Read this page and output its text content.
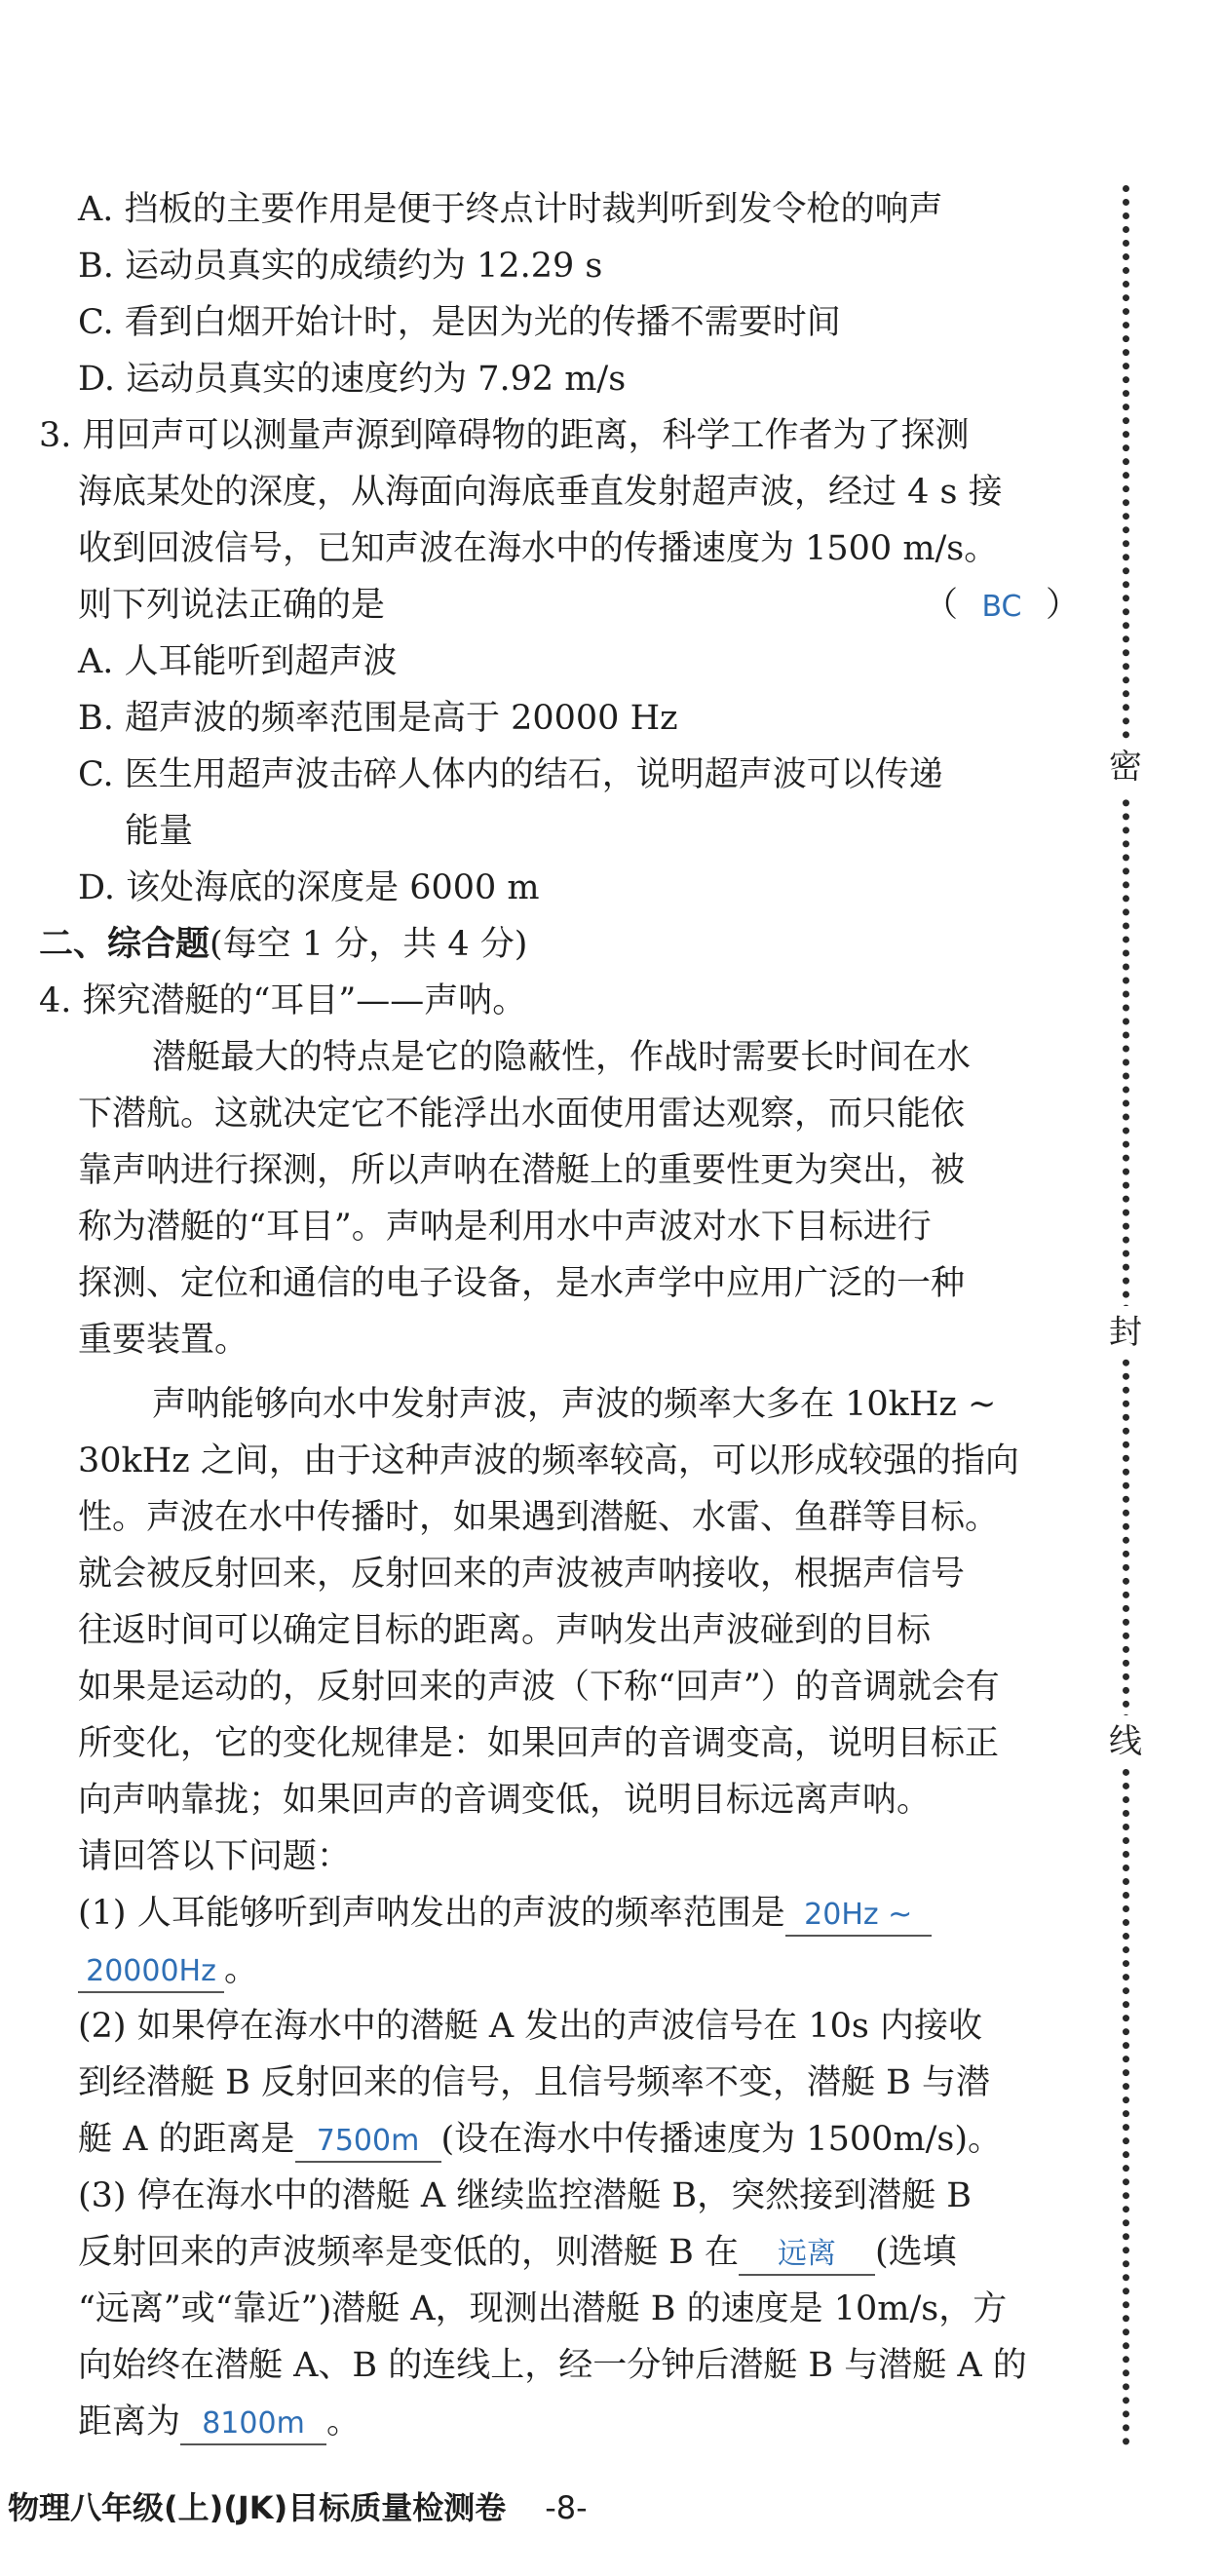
A. 挡板的主要作用是便于终点计时裁判听到发令枪的响声
B. 运动员真实的成绩约为 12.29 s
C. 看到白烟开始计时，是因为光的传播不需要时间
D. 运动员真实的速度约为 7.92 m/s
3. 用回声可以测量声源到障碍物的距离，科学工作者为了探测
海底某处的深度，从海面向海底垂直发射超声波，经过 4 s 接
收到回波信号，已知声波在海水中的传播速度为 1500 m/s。
则下列说法正确的是	（ BC ）
A. 人耳能听到超声波
B. 超声波的频率范围是高于 20000 Hz
C. 医生用超声波击碎人体内的结石，说明超声波可以传递
能量
D. 该处海底的深度是 6000 m
二、综合题(每空 1 分，共 4 分)
4. 探究潜艇的“耳目”——声呐。
潜艇最大的特点是它的隐蔽性，作战时需要长时间在水
下潜航。这就决定它不能浮出水面使用雷达观察，而只能依
靠声呐进行探测，所以声呐在潜艇上的重要性更为突出，被
称为潜艇的“耳目”。声呐是利用水中声波对水下目标进行
探测、定位和通信的电子设备，是水声学中应用广泛的一种
重要装置。
声呐能够向水中发射声波，声波的频率大多在 10kHz ~
30kHz 之间，由于这种声波的频率较高，可以形成较强的指向
性。声波在水中传播时，如果遇到潜艇、水雷、鱼群等目标。
就会被反射回来，反射回来的声波被声呐接收，根据声信号
往返时间可以确定目标的距离。声呐发出声波碰到的目标
如果是运动的，反射回来的声波（下称“回声”）的音调就会有
所变化，它的变化规律是：如果回声的音调变高，说明目标正
向声呐靠拢；如果回声的音调变低，说明目标远离声呐。
请回答以下问题：
(1) 人耳能够听到声呐发出的声波的频率范围是 20Hz ~
20000Hz 。
(2) 如果停在海水中的潜艇 A 发出的声波信号在 10s 内接收
到经潜艇 B 反射回来的信号，且信号频率不变，潜艇 B 与潜
艇 A 的距离是 7500m (设在海水中传播速度为 1500m/s)。
(3) 停在海水中的潜艇 A 继续监控潜艇 B，突然接到潜艇 B
反射回来的声波频率是变低的，则潜艇 B 在 远离 (选填
“远离”或“靠近”)潜艇 A，现测出潜艇 B 的速度是 10m/s，方
向始终在潜艇 A、B 的连线上，经一分钟后潜艇 B 与潜艇 A 的
距离为 8100m 。
密
封
线
物理八年级(上)(JK)目标质量检测卷 -8-
